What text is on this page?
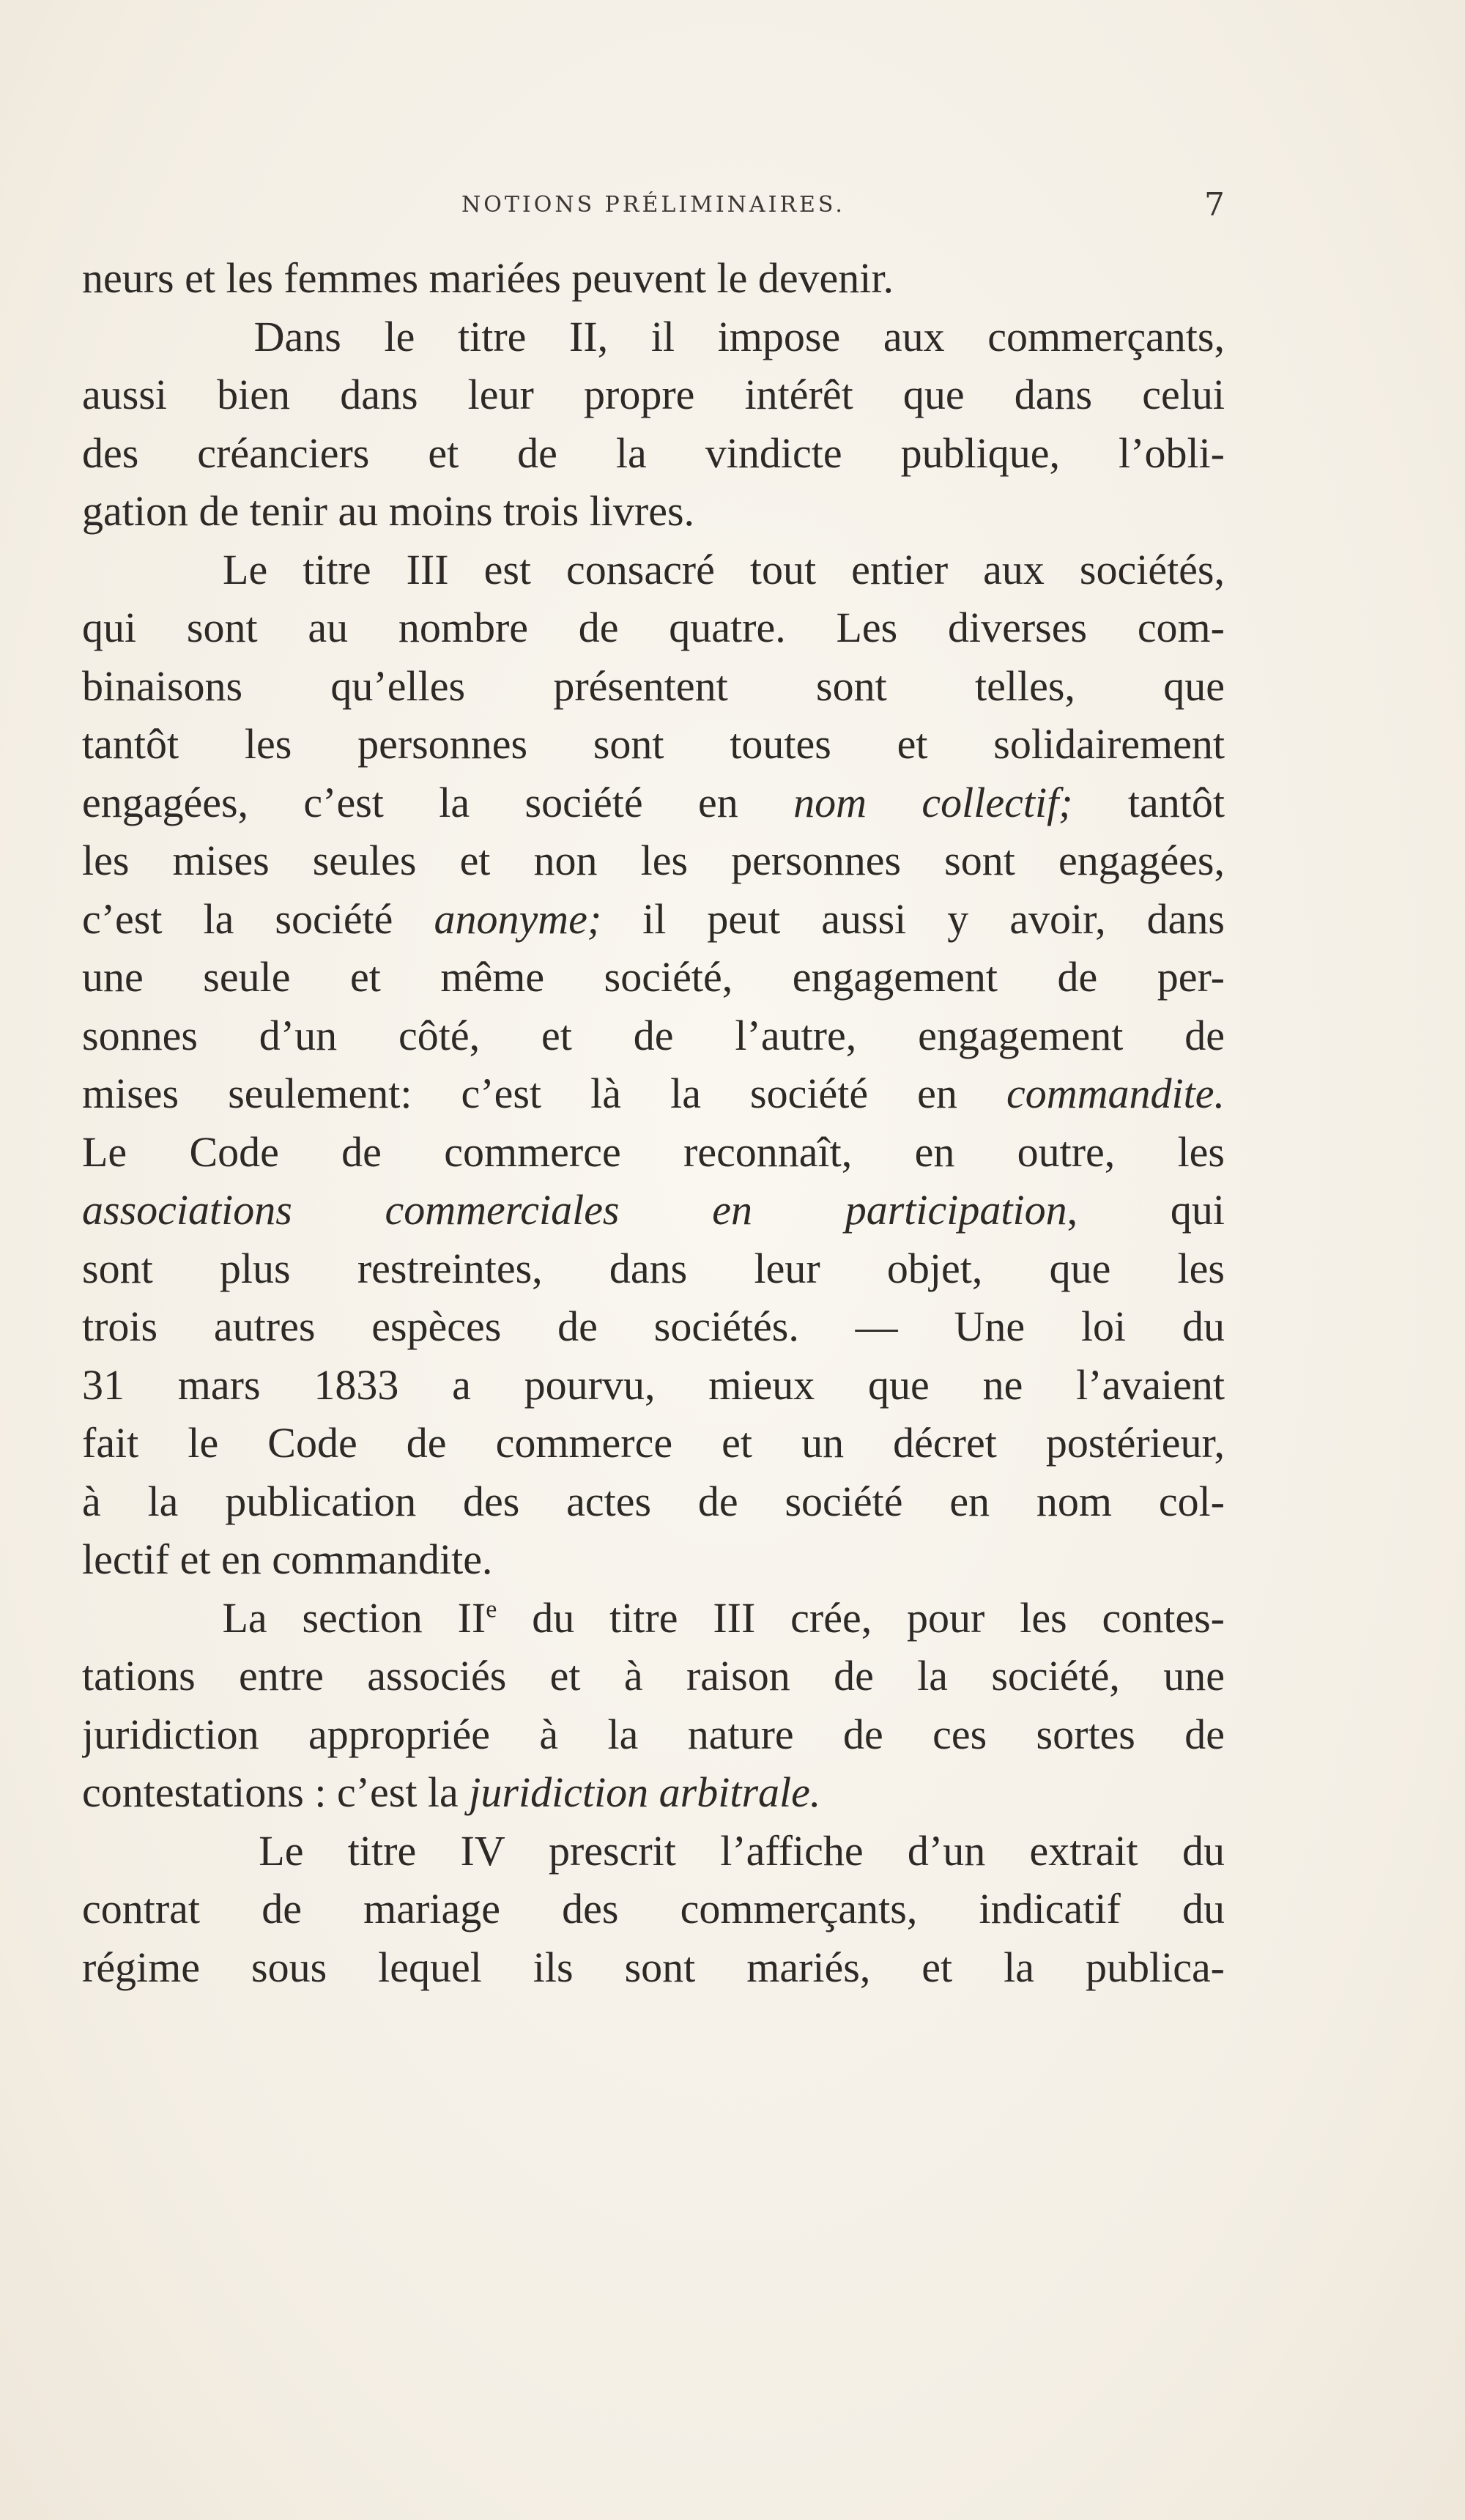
NOTIONS PRÉLIMINAIRES.	7
neurs et les femmes mariées peuvent le devenir.
Dans le titre II, il impose aux commerçants,
aussi bien dans leur propre intérêt que dans celui
des créanciers et de la vindicte publique, l’obli-
gation de tenir au moins trois livres.
Le titre III est consacré tout entier aux sociétés,
qui sont au nombre de quatre. Les diverses com-
binaisons qu’elles présentent sont telles, que
tantôt les personnes sont toutes et solidairement
engagées, c’est la société en nom collectif; tantôt
les mises seules et non les personnes sont engagées,
c’est la société anonyme; il peut aussi y avoir, dans
une seule et même société, engagement de per-
sonnes d’un côté, et de l’autre, engagement de
mises seulement: c’est là la société en commandite.
Le Code de commerce reconnaît, en outre, les
associations commerciales en participation, qui
sont plus restreintes, dans leur objet, que les
trois autres espèces de sociétés. — Une loi du
31 mars 1833 a pourvu, mieux que ne l’avaient
fait le Code de commerce et un décret postérieur,
à la publication des actes de société en nom col-
lectif et en commandite.
La section IIe du titre III crée, pour les contes-
tations entre associés et à raison de la société, une
juridiction appropriée à la nature de ces sortes de
contestations : c’est la juridiction arbitrale.
Le titre IV prescrit l’affiche d’un extrait du
contrat de mariage des commerçants, indicatif du
régime sous lequel ils sont mariés, et la publica-
